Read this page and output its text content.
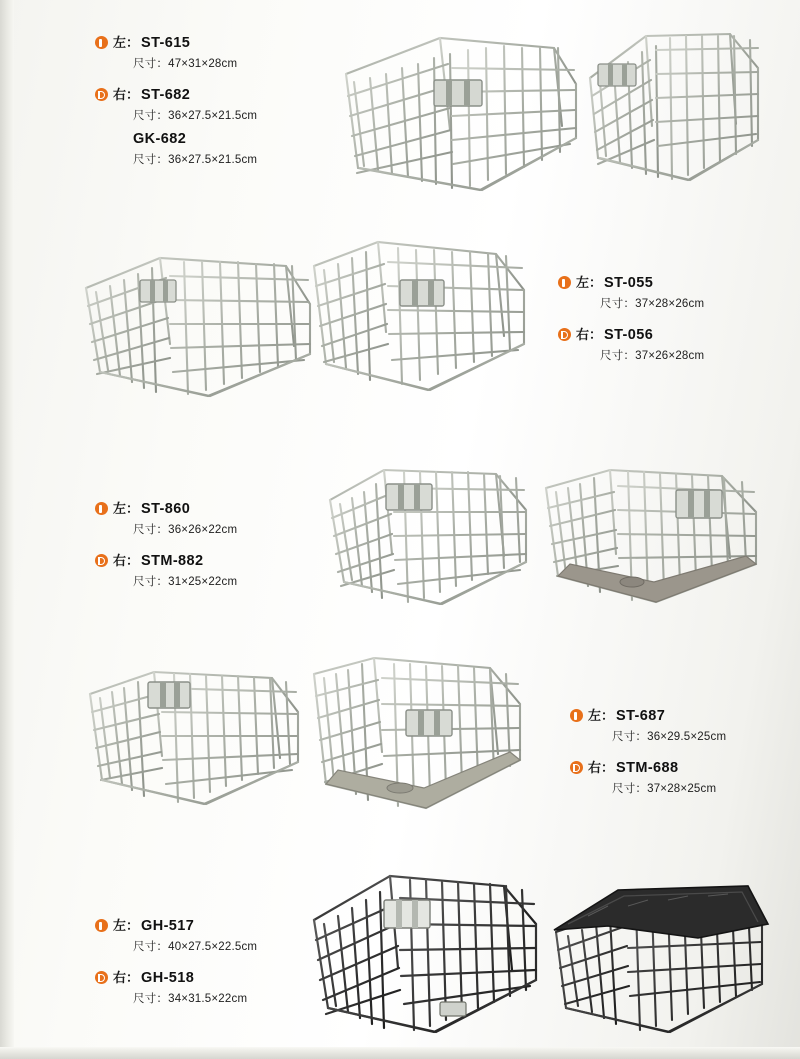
左： ST-615
尺寸：47×31×28cm
右： ST-682
尺寸：36×27.5×21.5cm
GK-682
尺寸：36×27.5×21.5cm
左： ST-055
尺寸：37×28×26cm
右： ST-056
尺寸：37×26×28cm
左： ST-860
尺寸：36×26×22cm
右： STM-882
尺寸：31×25×22cm
左： ST-687
尺寸：36×29.5×25cm
右： STM-688
尺寸：37×28×25cm
左： GH-517
尺寸：40×27.5×22.5cm
右： GH-518
尺寸：34×31.5×22cm
